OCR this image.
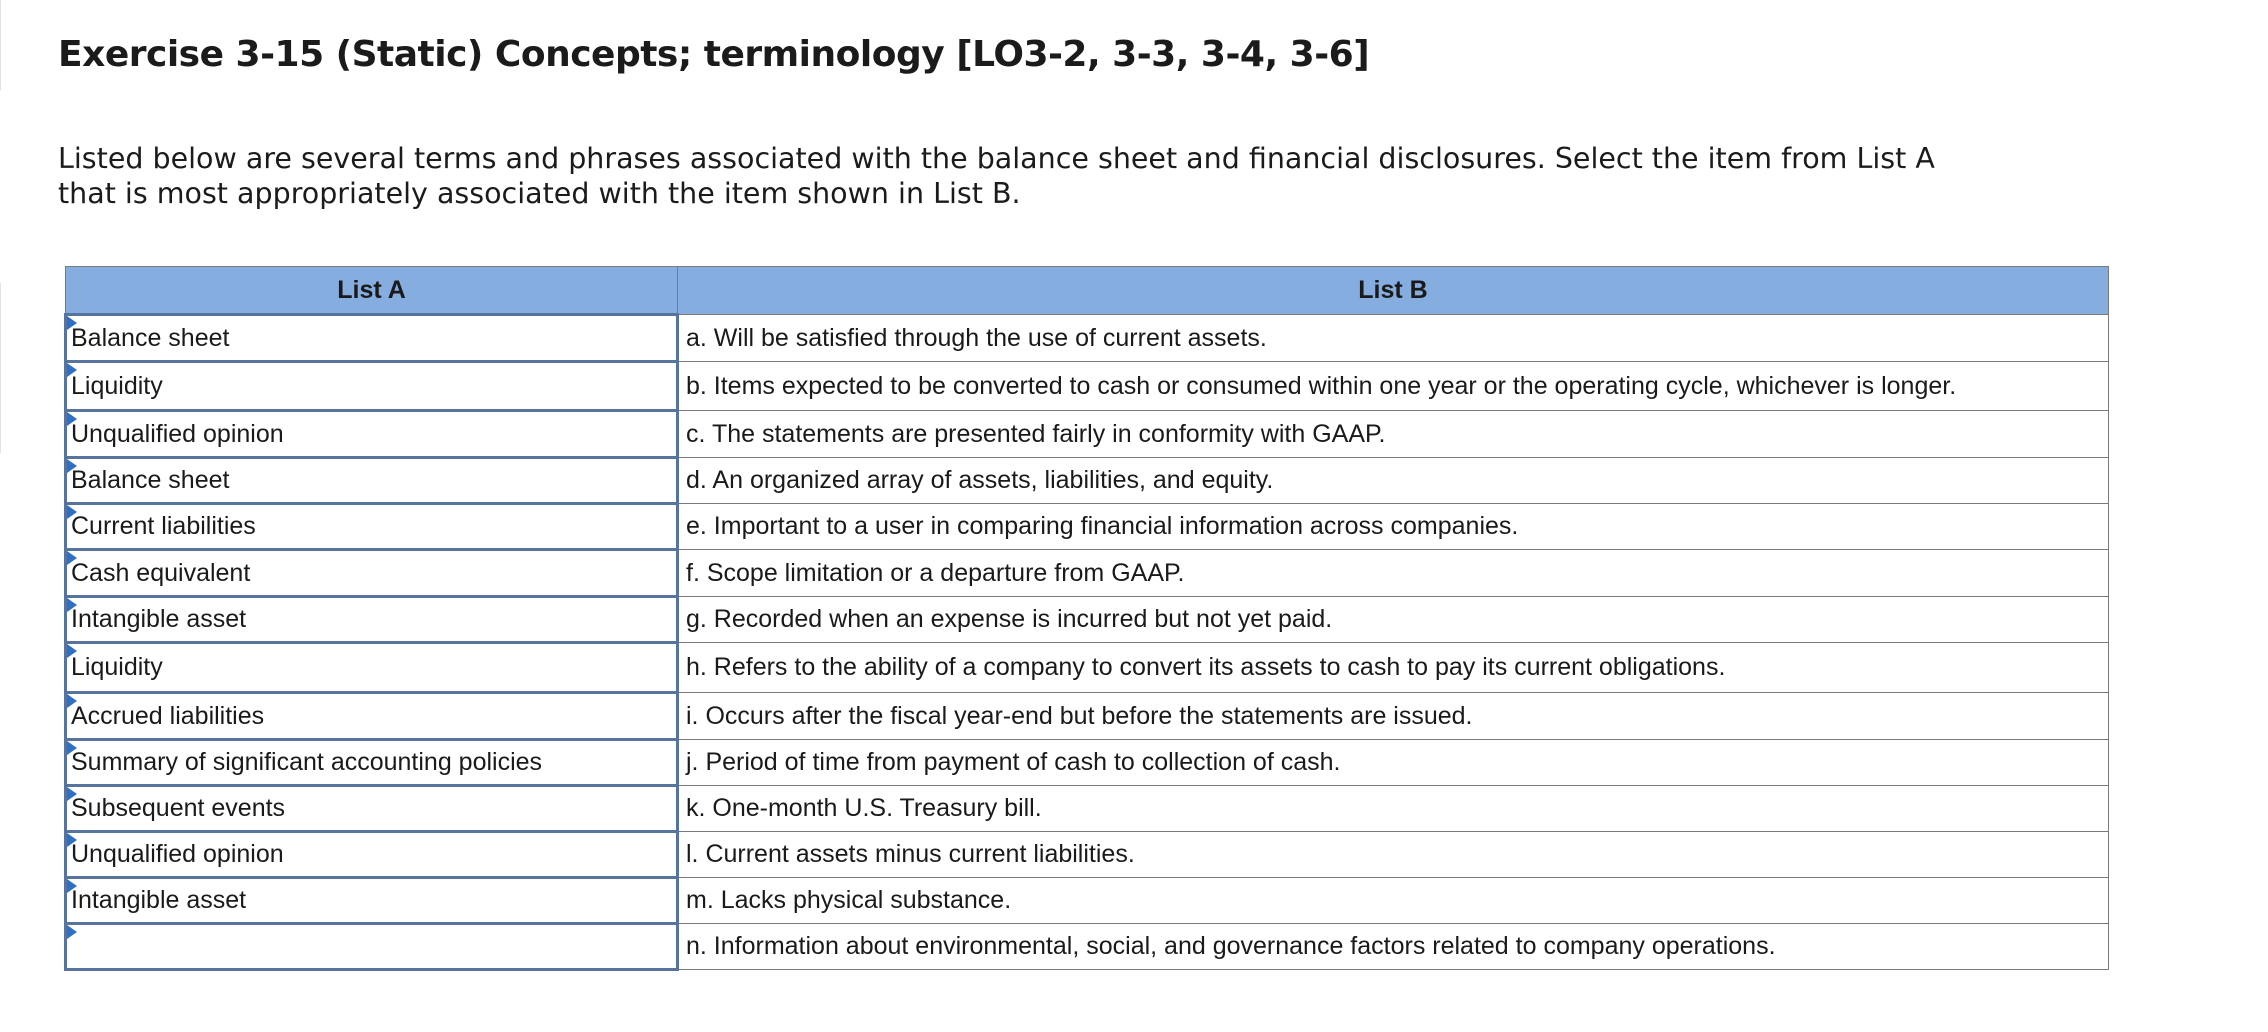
Exercise 3-15 (Static) Concepts; terminology [LO3-2, 3-3, 3-4, 3-6]

Listed below are several terms and phrases associated with the balance sheet and financial disclosures. Select the item from List A that is most appropriately associated with the item shown in List B.

List A	List B

Balance sheet	a. Will be satisfied through the use of current assets.

Liquidity	b. Items expected to be converted to cash or consumed within one year or the operating cycle, whichever is longer.

Unqualified opinion	c. The statements are presented fairly in conformity with GAAP.

Balance sheet	d. An organized array of assets, liabilities, and equity.

Current liabilities	e. Important to a user in comparing financial information across companies.

Cash equivalent	f. Scope limitation or a departure from GAAP.

Intangible asset	g. Recorded when an expense is incurred but not yet paid.

Liquidity	h. Refers to the ability of a company to convert its assets to cash to pay its current obligations.

Accrued liabilities	i. Occurs after the fiscal year-end but before the statements are issued.

Summary of significant accounting policies	j. Period of time from payment of cash to collection of cash.

Subsequent events	k. One-month U.S. Treasury bill.

Unqualified opinion	l. Current assets minus current liabilities.

Intangible asset	m. Lacks physical substance.

	n. Information about environmental, social, and governance factors related to company operations.
